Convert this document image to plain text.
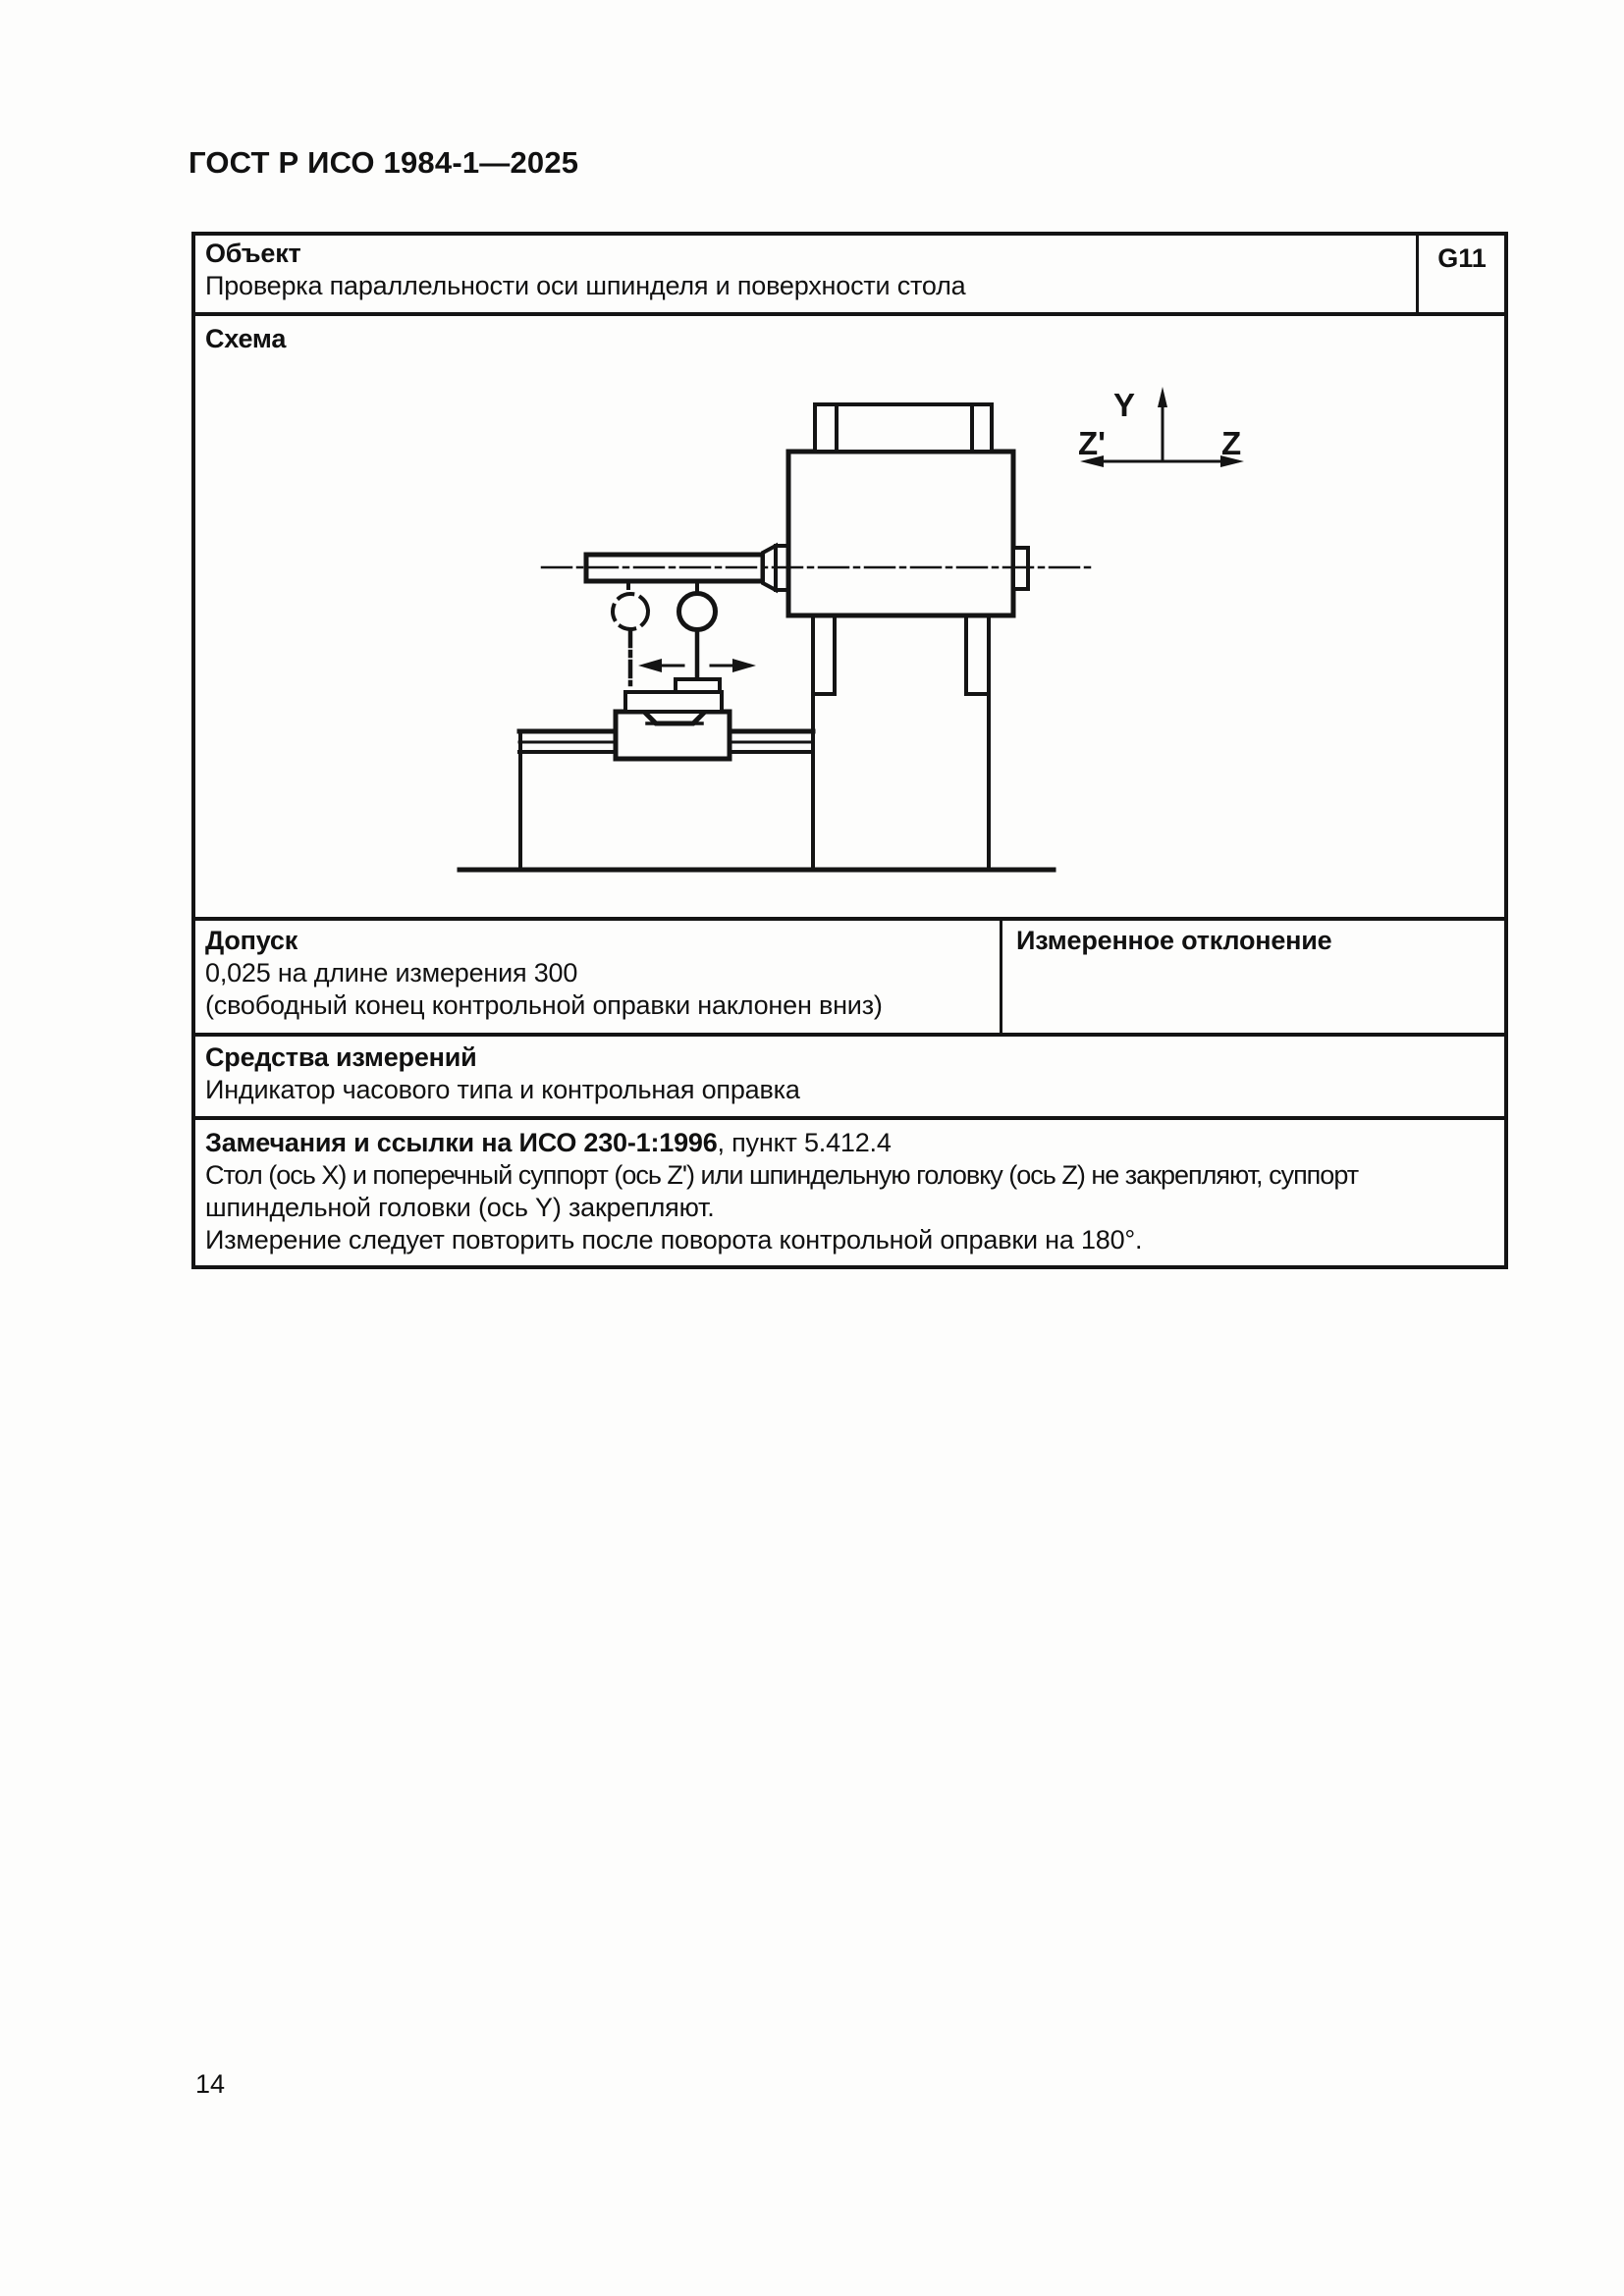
ГОСТ Р ИСО 1984-1—2025
Объект
Проверка параллельности оси шпинделя и поверхности стола
G11
Схема
Допуск
0,025 на длине измерения 300
(свободный конец контрольной оправки наклонен вниз)
Измеренное отклонение
Средства измерений
Индикатор часового типа и контрольная оправка
Замечания и ссылки на ИСО 230-1:1996, пункт 5.412.4
Стол (ось X) и поперечный суппорт (ось Z') или шпиндельную головку (ось Z) не закрепляют, суппорт
шпиндельной головки (ось Y) закрепляют.
Измерение следует повторить после поворота контрольной оправки на 180°.
Y
Z'	Z
14
